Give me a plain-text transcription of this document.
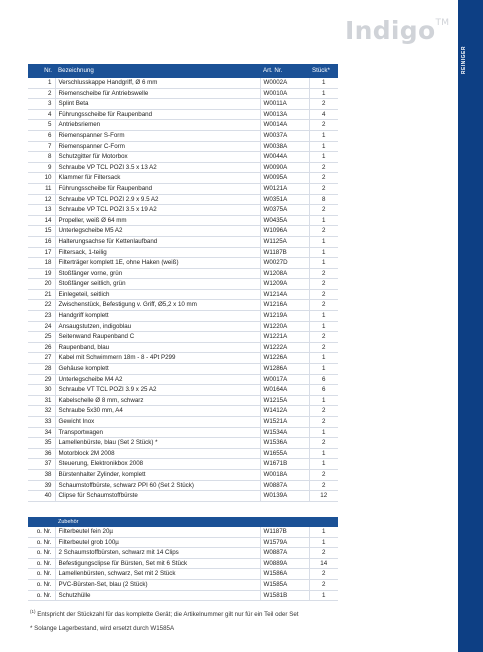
Indigo™
REINIGER
Nr.	Bezeichnung	Art. Nr.	Stück*
1	Verschlusskappe Handgriff, Ø 6 mm	W0002A	1
2	Riemenscheibe für Antriebswelle	W0010A	1
3	Splint Beta	W0011A	2
4	Führungsscheibe für Raupenband	W0013A	4
5	Antriebsriemen	W0014A	2
6	Riemenspanner S-Form	W0037A	1
7	Riemenspanner C-Form	W0038A	1
8	Schutzgitter für Motorbox	W0044A	1
9	Schraube VP TCL POZI 3.5 x 13 A2	W0090A	2
10	Klammer für Filtersack	W0095A	2
11	Führungsscheibe für Raupenband	W0121A	2
12	Schraube VP TCL POZI 2.9 x 9.5 A2	W0351A	8
13	Schraube VP TCL POZI 3.5 x 19 A2	W0375A	2
14	Propeller, weiß Ø 64 mm	W0435A	1
15	Unterlegscheibe M5 A2	W1096A	2
16	Halterungsachse für Kettenlaufband	W1125A	1
17	Filtersack, 1-teilig	W1187B	1
18	Filterträger komplett 1E, ohne Haken (weiß)	W0027D	1
19	Stoßfänger vorne, grün	W1208A	2
20	Stoßfänger seitlich, grün	W1209A	2
21	Einlegeteil, seitlich	W1214A	2
22	Zwischenstück, Befestigung v. Griff, Ø5,2 x 10 mm	W1216A	2
23	Handgriff komplett	W1219A	1
24	Ansaugstutzen, indigoblau	W1220A	1
25	Seitenwand Raupenband C	W1221A	2
26	Raupenband, blau	W1222A	2
27	Kabel mit Schwimmern 18m - 8 - 4Pt P299	W1226A	1
28	Gehäuse komplett	W1286A	1
29	Unterlegscheibe M4 A2	W0017A	6
30	Schraube VT TCL POZI 3.9 x 25 A2	W0164A	6
31	Kabelschelle Ø 8 mm, schwarz	W1215A	1
32	Schraube 5x30 mm, A4	W1412A	2
33	Gewicht Inox	W1521A	2
34	Transportwagen	W1534A	1
35	Lamellenbürste, blau (Set 2 Stück) *	W1536A	2
36	Motorblock 2M 2008	W1655A	1
37	Steuerung, Elektronikbox 2008	W1671B	1
38	Bürstenhalter Zylinder, komplett	W0018A	2
39	Schaumstoffbürste, schwarz PPI 60 (Set 2 Stück)	W0887A	2
40	Clipse für Schaumstoffbürste	W0139A	12
	Zubehör		
o. Nr.	Filterbeutel fein 20µ	W1187B	1
o. Nr.	Filterbeutel grob 100µ	W1579A	1
o. Nr.	2 Schaumstoffbürsten, schwarz mit 14 Clips	W0887A	2
o. Nr.	Befestigungsclipse für Bürsten, Set mit 6 Stück	W0889A	14
o. Nr.	Lamellenbürsten, schwarz, Set mit 2 Stück	W1586A	2
o. Nr.	PVC-Bürsten-Set, blau (2 Stück)	W1585A	2
o. Nr.	Schutzhülle	W1581B	1
$^{(1)}$ Entspricht der Stückzahl für das komplette Gerät; die Artikelnummer gilt nur für ein Teil oder Set
* Solange Lagerbestand, wird ersetzt durch W1585A
